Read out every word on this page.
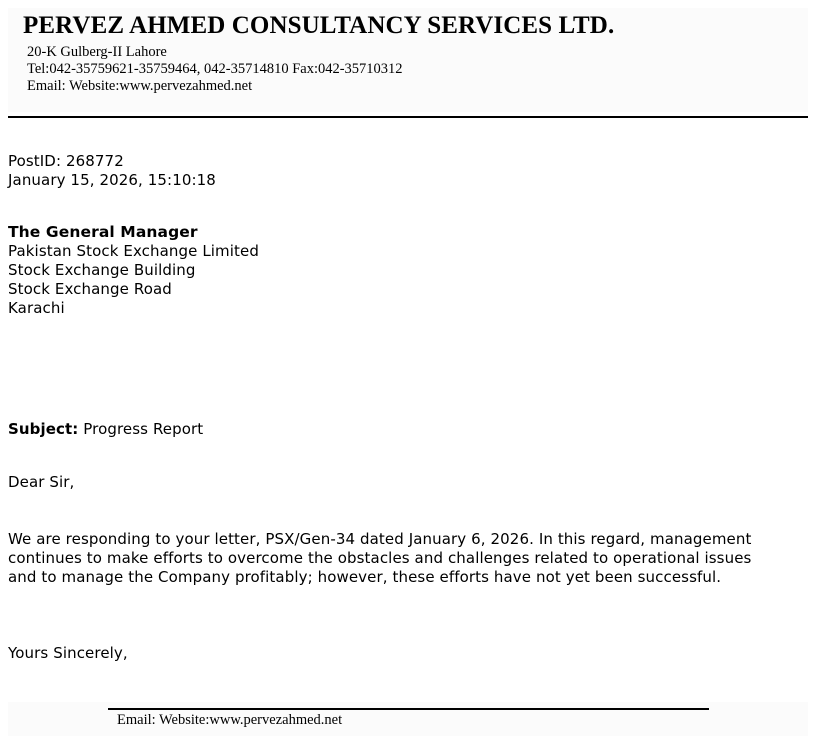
PERVEZ AHMED CONSULTANCY SERVICES LTD.
20-K Gulberg-II Lahore
Tel:042-35759621-35759464, 042-35714810 Fax:042-35710312
Email: Website:www.pervezahmed.net
PostID: 268772
January 15, 2026, 15:10:18
The General Manager
Pakistan Stock Exchange Limited
Stock Exchange Building
Stock Exchange Road
Karachi
Subject: Progress Report
Dear Sir,
We are responding to your letter, PSX/Gen-34 dated January 6, 2026. In this regard, management
continues to make efforts to overcome the obstacles and challenges related to operational issues
and to manage the Company profitably; however, these efforts have not yet been successful.
Yours Sincerely,
Email: Website:www.pervezahmed.net
